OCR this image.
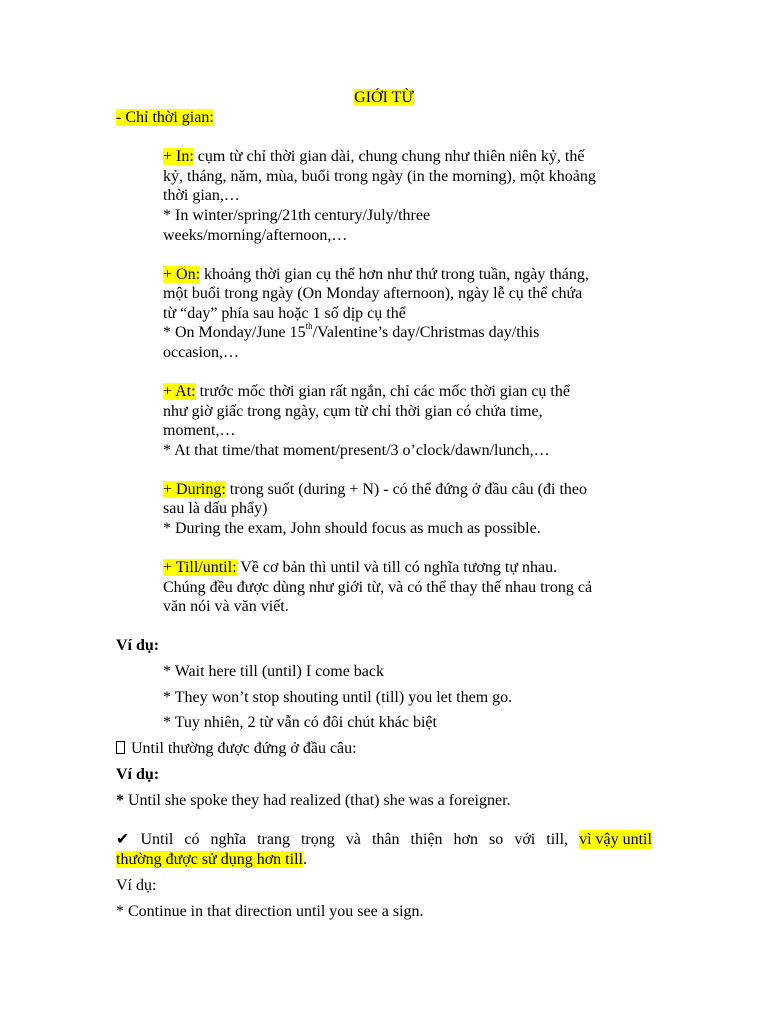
GIỚI TỪ
- Chỉ thời gian:
+ In: cụm từ chỉ thời gian dài, chung chung như thiên niên kỷ, thế
kỷ, tháng, năm, mùa, buổi trong ngày (in the morning), một khoảng
thời gian,…
* In winter/spring/21th century/July/three
weeks/morning/afternoon,…
+ On: khoảng thời gian cụ thể hơn như thứ trong tuần, ngày tháng,
một buổi trong ngày (On Monday afternoon), ngày lễ cụ thể chứa
từ “day” phía sau hoặc 1 số dịp cụ thể
* On Monday/June 15th/Valentine’s day/Christmas day/this
occasion,…
+ At: trước mốc thời gian rất ngắn, chỉ các mốc thời gian cụ thể
như giờ giấc trong ngày, cụm từ chỉ thời gian có chứa time,
moment,…
* At that time/that moment/present/3 o’clock/dawn/lunch,…
+ During: trong suốt (during + N) - có thể đứng ở đầu câu (đi theo
sau là dấu phẩy)
* During the exam, John should focus as much as possible.
+ Till/until: Về cơ bản thì until và till có nghĩa tương tự nhau.
Chúng đều được dùng như giới từ, và có thể thay thế nhau trong cả
văn nói và văn viết.
Ví dụ:
* Wait here till (until) I come back
* They won’t stop shouting until (till) you let them go.
* Tuy nhiên, 2 từ vẫn có đôi chút khác biệt
Until thường được đứng ở đầu câu:
Ví dụ:
* Until she spoke they had realized (that) she was a foreigner.
✔ Until có nghĩa trang trọng và thân thiện hơn so với till, vì vậy until
thường được sử dụng hơn till.
Ví dụ:
* Continue in that direction until you see a sign.
